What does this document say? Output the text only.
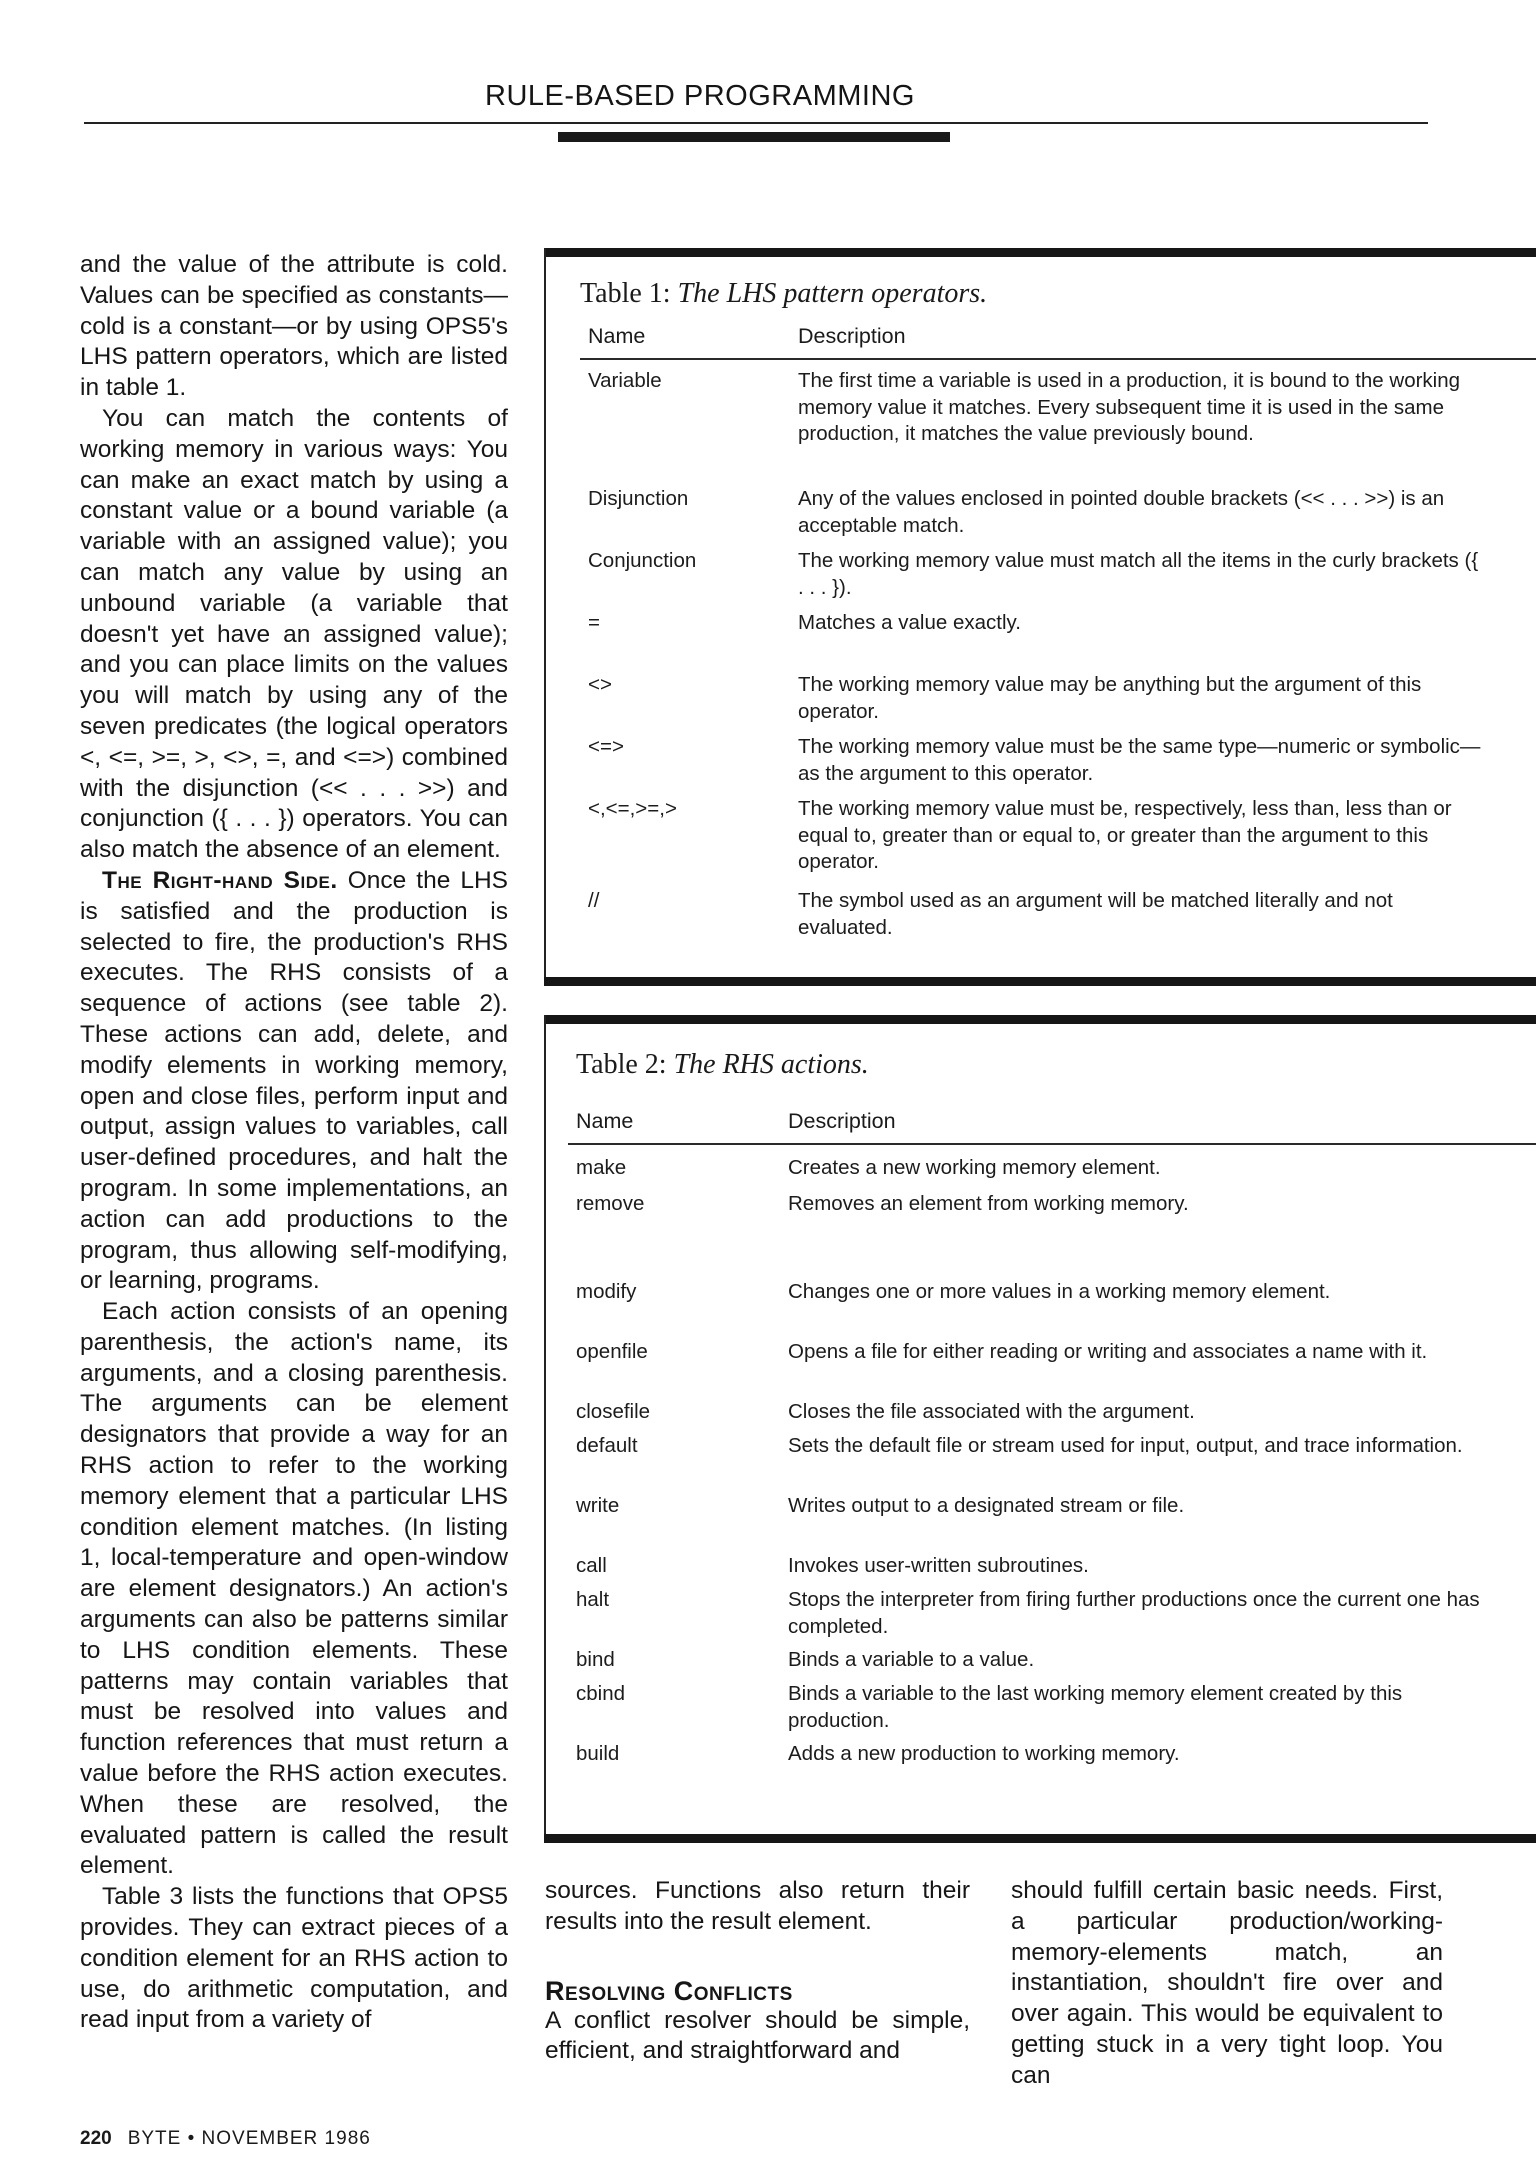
RULE-BASED PROGRAMMING

and the value of the attribute is cold. Values can be specified as constants—cold is a constant—or by using OPS5's LHS pattern operators, which are listed in table 1.

You can match the contents of working memory in various ways: You can make an exact match by using a constant value or a bound variable (a variable with an assigned value); you can match any value by using an unbound variable (a variable that doesn't yet have an assigned value); and you can place limits on the values you will match by using any of the seven predicates (the logical operators <, <=, >=, >, <>, =, and <=>) combined with the disjunction (<< . . . >>) and conjunction ({ . . . }) operators. You can also match the absence of an element.

The Right-hand Side. Once the LHS is satisfied and the production is selected to fire, the production's RHS executes. The RHS consists of a sequence of actions (see table 2). These actions can add, delete, and modify elements in working memory, open and close files, perform input and output, assign values to variables, call user-defined procedures, and halt the program. In some implementations, an action can add productions to the program, thus allowing self-modifying, or learning, programs.

Each action consists of an opening parenthesis, the action's name, its arguments, and a closing parenthesis. The arguments can be element designators that provide a way for an RHS action to refer to the working memory element that a particular LHS condition element matches. (In listing 1, local-temperature and open-window are element designators.) An action's arguments can also be patterns similar to LHS condition elements. These patterns may contain variables that must be resolved into values and function references that must return a value before the RHS action executes. When these are resolved, the evaluated pattern is called the result element.

Table 3 lists the functions that OPS5 provides. They can extract pieces of a condition element for an RHS action to use, do arithmetic computation, and read input from a variety of

Table 1: The LHS pattern operators.
Name	Description
Variable	The first time a variable is used in a production, it is bound to the working memory value it matches. Every subsequent time it is used in the same production, it matches the value previously bound.
Disjunction	Any of the values enclosed in pointed double brackets (<< . . . >>) is an acceptable match.
Conjunction	The working memory value must match all the items in the curly brackets ({ . . . }).
=	Matches a value exactly.
<>	The working memory value may be anything but the argument of this operator.
<=>	The working memory value must be the same type—numeric or symbolic—as the argument to this operator.
<,<=,>=,>	The working memory value must be, respectively, less than, less than or equal to, greater than or equal to, or greater than the argument to this operator.
//	The symbol used as an argument will be matched literally and not evaluated.
Table 2: The RHS actions.
Name	Description
make	Creates a new working memory element.
remove	Removes an element from working memory.
modify	Changes one or more values in a working memory element.
openfile	Opens a file for either reading or writing and associates a name with it.
closefile	Closes the file associated with the argument.
default	Sets the default file or stream used for input, output, and trace information.
write	Writes output to a designated stream or file.
call	Invokes user-written subroutines.
halt	Stops the interpreter from firing further productions once the current one has completed.
bind	Binds a variable to a value.
cbind	Binds a variable to the last working memory element created by this production.
build	Adds a new production to working memory.

sources. Functions also return their results into the result element.

Resolving Conflicts

A conflict resolver should be simple, efficient, and straightforward and

should fulfill certain basic needs. First, a particular production/working-memory-elements match, an instantiation, shouldn't fire over and over again. This would be equivalent to getting stuck in a very tight loop. You can

220 BYTE • NOVEMBER 1986
